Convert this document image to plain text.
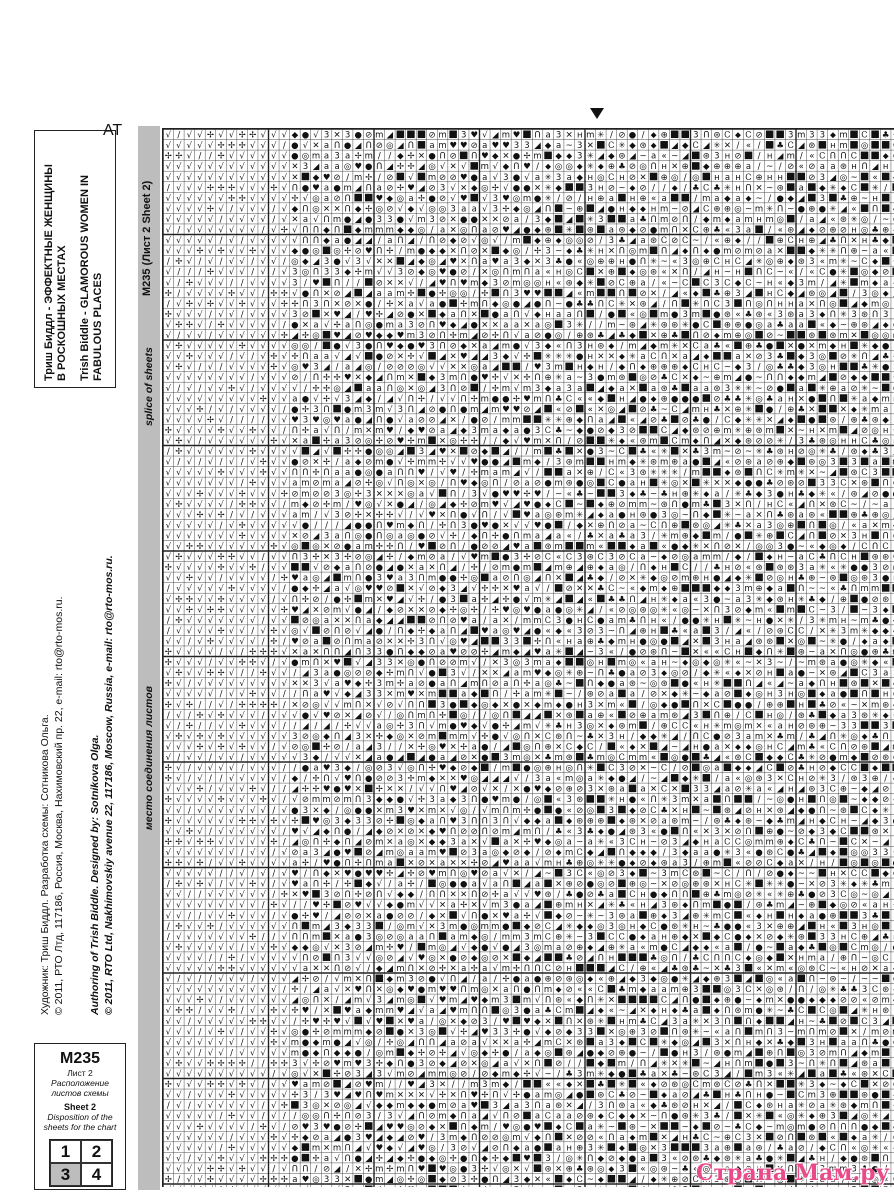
Триш Биддл - ЭФФЕКТНЫЕ ЖЕНЩИНЫ В РОСКОШНЫХ МЕСТАХ Trish Biddle - GLAMOROUS WOMEN IN FABULOUS PLACES
Художник: Триш Биддл. Разработка схемы: Сотникова Ольга. © 2011, РТО Лтд, 117186, Россия, Москва, Нахимовский пр. 22, e-mail: rto@rto-mos.ru. Authoring of Trish Biddle. Designed by: Sotnikova Olga. © 2011, RTO Ltd, Nakhimovskiy avenue 22, 117186, Moscow, Russia, e-mail: rto@rto-mos.ru.
АТ
М235 (Лист 2 Sheet 2)
место соединения листовsplice of sheets
√ / √ √ ✢ √ √ ✢ ✢ √ √ √ ◆ ● √ 3 ✕ 3 ● ⊘ m ◢	⊘ m 3 ♥ √ ◢ m ♥ Ո a 3 ✕ н m ✳ / ⊘ ● / ⬥ ⊕	3 Ո ⊛ Ꮯ ⬥ Ꮯ ⊘	3 m 3 3 ⬥ m Ꮯ ♣
√ √ √ √ √ ✢ ✢ ✢ √ √ √ / ● √ ✕ a Ո ● ◢ Ո ⊘ ◎ ◢ Ո a m ♥ ♥ ⊘ a ♥ ♥ 3 3 ◢ ◆ a ~ 3 ✕ Ꮯ ✳ ◆ ⊛ ⬥ ◢ ◆ Ꮯ ◢ ✳ ✕ / « / ♣ Ꮯ ◢ ⊛ н m ◎
✢ ✢ √ / / ✢ √ √ √ √ √ √ ● ◎ m a 3 a ✢ m / / ◆ ✢ ✕ ● Ո ⊘ Ո ♥ ◆ ✕ ● ✢ m ◆ ⬥ 3 ✳ ◢ ◆ ⊛ ◢ ~ a « ~ ◢ ⊛ 3 н ⊘ / н ◢ m / « Ꮯ Ո Ո Ꮯ	⬥
√ √ √ √ √ √ √ √ √ √ √ √ ✕ 3 ◢ a a ◎ ♥ ● Ո ◢ ✢ ✢ ◢ ◎ √ ✕ √ m √ ◆ Ո ♥ / ⬥ ◎ ◎ ⬥ ✳ ⬥ ⊕ ♣ ⊘ ◎ Ո н ✕ ⊕ ◆ ⊕ ⊕ ⊕ a / ~ / ⊘ « ⊘ a a ⊛ н Ո ◢ н
√ √ √ √ √ √ √ √ √ √ √ √ ✕ ◆ ♥ ⊘ / m ✢ / ⊘ √ m ⊘ ⊘ ♥ ● a √ 3 ● √ a ✳ 3 a ◆ н ◎ Ꮯ н ⊘ ✕ ⊕ ◎ / ◎ н a н Ꮯ ⊕ н н	⊘ 3 ◢ ◎ ~ «
/ √ √ √ ✢ ✢ ✢ √ √ √ ✢ √ Ո ● ♥ a ● m ◢ Ո a ⊘ ✢ ♥ ◢ ⊘ 3 √ ✕ ◆ ◎ ✢ √ ● ● ✕ ✳ ◆	3 н ⊘ ~ ⬥ ⊘ / / ⬥ / ♣ Ꮯ ♣ ✳ н Ո ✕ ~ ⊛ a ◆ ✳ ⬥ Ꮯ ✳ /
√ √ √ √ √ √ ✢ ✢ √ √ √ √ ✢ √ ◎ a ⊘ Ո	♥ ◆ ◎ a ✢ ● ⊘ √ ♥ √ 3 ♥ ◎ m ● ✳ / ⊘ / н ⊕ a н ⊕ « a	/ m a ◆ a ⬥ ~ / ● ◆ ◢ 3 ♣ ⊕ ~ н
√ √ √ √ ✢ √ / √ √ √ / √ ◆ Ո ◎ ✕ ✕ Ո ◆ ✢ ◎ ⊘ √ ◆ √ ◎ ◎ 3 a a √ 3 ✢ ◆ ◎ ◢ Ո ~ ⊕ ◢ ● н ◆ ⬥ н m ~ ⊘ ◢ Ꮯ ⊕ ⊕ ◎ ~ m ✳ Ո ~ ● ⊕ ● ✳ ◢ « Ո
√ √ √ √ √ / √ √ √ √ / √ ✕ a √ Ո m ● ◢ ● 3 3 ● √ m 3 ⊘ ✕ ● ● ✕ ✕ ⊘ a / 3 ◆ ◢ ✳ 3	a ♣ Ո m ⊘ Ո / ◆ m ⬥ a m н m ◎ / a ◢ « ⊛ ✳ ◎ / ~
√ / √ √ √ √ √ √ √ / √ ✢ √ Ո Ո ◆ Ո ◆ m m m ◆ ◆ ◎ / a ✕ ◎ Ո a ⊘ ♥ ◢ ● ◆ ⊕ ✳ ⊛ a ⊛ ◆ ⊘ ● m Ո ✕ Ꮯ ⊕ ♣ « 3 a / « ⊛ ◢ ⬥ ⊘ ⊕ ⊘ н ◎ ♣ ⊕
√ √ √ √ √ / √ / √ √ √ √ √ Ո Ո ◆ a ● ◢ ◢ / a Ո ◢ / Ո ⊘ ◆ ⊘ √ ◎ √ / m ◆ ⊕ ⬥ ◎ ◎ ⊘ / 3 ♣ ◢ a ⊛ Ꮯ ⊘ Ꮯ ~ / « ⊕ ⬥ / / ⊕ Ꮯ н ⊕ ◢ ♣ Ո ✕ н ♣ ◆
√ √ √ ✢ √ ✢ √ √ ✢ √ √ √ ◆ ● ◎ ◎ ✢ ⊘ ♥ Ո ✢ / m ● ◆ ◆ ✕ Ո ⊘ ✕ ◆ ◎ / ✢ 3 ~ ⬥ ♣ ✳ н ✕ Ո ◎ m Ո ◢ ⬥ Ո ⬥ ● m ⊘ m ⊘ a ✕	◆ ✳ ✳ Ո ⊕ ~ a «
/ ✢ √ / √ / √ √ / √ √ / ◎ ◆ ◢ 3 ● √ 3 √ ✕ ✕ ◢ ◆ ◎ ◢ ♥ ✕ Ո a ♥ a 3 ◆ ✕ 3 ♣ ● « ◎ ⊕ ⊕ н ● Ո ✳ ~ « 3 ◎ ⊕ Ꮯ н Ꮯ ◢ ✳ ◎ ⊕ ⬥ ⊛ 3 « m ✳ ~ Ꮯ ⬥
√ / / / ✢ √ √ √ / √ / √ 3 ◎ Ո 3 3 ◆ ✢ m √ √ 3 ⊘ ◆ ◎ ♥ ● ⊘ / ✕ ◎ Ո m Ո a « н ◎ Ꮯ ✕ ⊕ ⬥ ◎ ⊛ « ✕ Ո / ◢ н ~ н Ո Ꮯ ~ « / « Ꮯ ● ✳ ◎ ◆ ⊘
√ / ✢ √ √ √ / / √ √ √ √ 3 / ♥ Ո / / ⊘ ✕ ✕ √ / ◢ ♥ Ո ♥ m ◆ 3 ⊘ m ◎ ◎ н « ⊛ ◆ ✳ ⊘ Ꮯ ⊕ a / « ~ Ꮯ Ꮯ 3 Ꮯ ◆ Ꮯ ~ н « ◆ 3 m / ◢ ✳ m ⬥ a
✢ / √ √ √ √ ✢ √ √ / ✢ ✢ √ ● Ո ✕ ⊘ ◢ ◢ a a m ✢ ● ✢ ◎ ◎ / ✢ Ո 3 ♥ ♥	◢ « m	Ո ⊘ ✕ / ◢ « ⬥ ♣ ⊕ 3 ◢ н Ꮯ ◆ ◢ ⊛ ◎ ◢ / 3 ◎ ⬥
/ √ ✢ √ ✢ √ √ ✢ √ √ √ ✢ ✢ Ո 3 Ո ✕ ⊘ ✕ ● / ✢ ✕ a √ a ● ✢ m Ո ◆ ◎ ● ◢ ● Ո ~ ● ♣ ♣ Ո Ꮯ ✳ ✕ ⊛ ◢ / Ո ✳ Ո Ꮯ 3 Ո ◎ Ո н н a ✕ Ո ◎ ◢ ◆ m ◎
✢ √ √ √ / √ √ / √ √ √ √ 3 ⊘ ✕ ♥ ◢ / ♥ ✢ ◢ ⊘ ● ✕ ◆ a Ո ✕ ● a Ո √ ◆ н a a Ո / ● « ◎ m ● 3 m ● ⊛ « ♣ ⊛ « 3 ⊛ a 3 ⬥ Ո ✳ 3 ⊛ Ո 3
√ ✢ ✢ √ / ✢ √ √ √ √ √ / ● ✕ a √ ✢ a Ո ◎ ● m a 3 ⊘ Ո ♥ ◆ ◢ ● ✕ ✕ a a ✕ a ◎ 3 ✳ / / m ~ ⊛ ◢ ✳ ⊛ ⊛ ✳ ● Ꮯ ⊕ ⊕ ● ◎ a ♣ a a « ◆ ~ ⊕ ⊛ ◢ ⬥
√ / √ √ / √ √ √ √ √ √ ✢ ◢ ✢ ◎ ♥ ◢ ⊘ ♥ ◆ ◆ ♥ m 3 ⊘ Ո ✢ m ◢ ⊘ ✢ Ո √ a ⊘ ● ◎ / ⊕ ⊛ ♣ ◢ ♣ ◆ ✕ ⊕ ♣ Ո ⊘ ⬥ m ⊕ ◎ ⊘ ~	⊛ ⊛ m ✕ ◎ ◎
√ ✢ √ √ √ √ √ ✢ √ √ √ √ ◎ ◎ / ● √ 3 ● Ո ♥ ◆ ● ♥ 3 Ո ⊘ ◆ ✕ a ◢ m ● √ 3 ◆ « Ո 3 н ⊛ ⬥ / m ◢ ◆ m ✳ ✕ Ꮯ a ♣ « ⊕ ♣ ● ✕ ● ✕ m ◆ н ✳ ◆ ●
√ √ ✢ √ √ √ / √ / √ ✢ √ ✢ Ո a a √ ◢ √ ● ⊘ ✕ ✢ √ ◢ ✕ ♥ ◢ ◢ 3 ◆ √ ✢ ✳ ✳ ✳ ● н ✕ ✕ ⬥ ✳ a Ꮯ Ո ✕ a ◢ ⬥	a ✕ ⊘ 3 ♣ ◆ 3 ◎ ⊘ ✳ Ո ◢ ♣
√ ✢ √ / √ / √ √ √ √ ✢ √ ◎ ♥ 3 ◢ / a ◢ ◎ / ⊘ ⊘ ⊘ ◎ √ √ ✕ ✕ ◎ a ◢	/ ♥ 3 m н ◆ н / ◆ Ո ⬥ ⊕ ⊕ ⊕ ⬥ Ꮯ н Ꮯ ~ ◆ 3 / ◎ ♣ ♣ ◆ 3 ◎ н	♣ ✳ ●
√ √ √ √ √ √ √ √ / √ √ √ ⊘ / Ո ✢ ✢ ♥ ✕ ◆ ◢ Ո m ✕ ◆ 3 m Ո ● ♥ ✢ √ ✕ ✢ Ո ⊕ ✳ a ~ 3 ● m ⊛ ◎ ⊘ ♣ Ꮯ ✕ ⬥ ~ ⊕ m ◢ ● ~ Ո Ո ⬥ ◆ m ◢ ⊘ ◆ ◆
√ / √ / √ √ ✢ √ / √ √ √ √ / ✢ ✢ ◎ ◢ a a Ո ◎ ✕ ◎ ◢ 3 Ո ⊘ / ✢ m √ m 3 ◆ a 3 a ◢ ◆ a ✕ a ⊛ ♣ a a ⊛ 3 ✳ ✳ ~ ⊘ ● a ✳ ⊕ a ⊘ ✳ ~
√ √ √ √ √ √ √ √ √ ✢ √ √ a ● √ ✢ √ 3 ◢ ◆ / ◢ √ Ո ✢ / √ √ Ո ✢ m ● ● ✢ ♥ m Ո ♣ Ꮯ « « ◆ н ◢ ● ⬥ ⊕ ● ● ● ⊘ ♣ ♣ ✳ ◎ ♣ a н ✕ ● Ո ✳ a ◆ m
√ √ √ ✢ / √ / √ √ √ √ / ● ✢ 3 Ո ● m 3 m √ 3 Ո ◢ ⊘ ● Ո ● m ◢ m ♥ ♥ ⊘ ◢ « ⊘ « ✕ ◎ ◢ ⊘ ♣ ~ Ꮯ ◢ m н ♣ ✕ ⊕ ✳ ● / ⊕ ♣ ✕	✕ ⬥ ✳ m a
√ √ √ √ ✢ √ / / / / √ √ ♥ 3 ♥ ◎ ♥ a ● ◢ Ո ● √ a ⊘ ⊘ ◢ ✕ / ● ⊘ / m m	✳ ✳ ⊕ ◆ Ո a ◢ « ◢ ⊘ ♣ ⊘ ♣ ● / Ꮯ ◆ ✳ ✳ ✕ ◢ ⬥ ● ⊛ / ⊕ ♣ ⊛ ◆
✢ √ √ √ √ ✢ √ √ ✢ √ √ / Ո ✢ a √ Ո / m ✕ m ♥ / ◆ ♥ ⊘ a ◢ ◆ 3 m a ◆ a ● 3 Ꮯ ♣ ~ ◆ ● ⊘ ◆ 3 ⊘	Ꮯ ◢ ◆ ⊛ ⊘ ⊕ m ✳ ⊕ ⊛ m ✕ ~ н ✕ m ◢ ⊘ ◎ н
√ ✢ √ / √ √ √ √ √ √ ✢ √ ✕ a ✢ a 3 ⊘ ◎ ✢ ⊘ ♥ ✢ m ✕ ◎ ✢ ✢ / / ◆ √ ♥ m ✕ Ո / ⊘	✳ ⬥ « ⊛ m Ꮯ m ⬥ Ո ◢ ✕ ◆ ⊛ ⊘ ⊘ ✳ / 3 ♣ ⊛ ◎ н н Ꮯ ♣ ◎
/ ✢ √ √ √ √ √ √ ✢ √ √ √ √ ◢ √ ✢ ✢ ● ◎ ◎ ◢ 3 ◢ ♥ ✕ ⊘ ◆ ◢ / / m ♣ ✕ ● 3 ~ Ꮯ ♣ « ✳ ✕ ♣ 3 m ~ ⊘ ~ ✳ ♣ ⊛ н ⊘ ◎ ✳ ♣ / ⊛ ⬥ ♣ 3
√ / √ / √ / √ / √ ✢ √ √ ● ⊘ ✕ ✢ / a ◆ ⊘ m ● √ ✢ m m ✢ √ √ ♥ ● ● ◢ m ◆ / 3 ⊛ m	н m ◆ ✳ ⊛ m ⊕ a ● ◢ « ⊘ ⊛ a ⊘ ⊕ ◆ ⊛ ◎ 3 3 a
√ √ √ √ √ ✢ √ √ √ ✢ √ √ Ո Ո ✢ Ո a a ● ◎ ● a Ո Ո ♥ / √ ♥ / ✢ m a m ◢ √ /	a ✕ ⊕ / Ꮯ « 3 ⊛ ✳ ✳ ✳ / m	⬥ ⊛ Ո Ꮯ ✳ m ✳ ✕ ~ ◢ ⊛ Ꮯ 3
√ √ √ √ √ √ √ / ✢ √ √ √ a m ⊘ m a ◢ ⊘ ✢ ◎ √ Ո ◎ ✕ ◎ / Ո ♥ ◆ ◎ Ո / ⊘ a ⊘ ● m ⊛ ● ◎ Ꮯ ● a н ✳ ◎ ✕ ✳ ✕ ✕ ◆ ● ● ♣ ⊘ ⊛ ⊘ 3 3 Ꮯ ✕ ⊛ Ո
√ √ √ ✢ √ √ √ ✢ √ √ √ ✢ ⊘ m ⊘ ⊘ 3 ◎ ✢ 3 ✕ ✕ ✕ ◎ a √ Ո / 3 √ ● ♥ ♥ ✢ ♥ / ~ « ♣ ~	3 ⬥ ♣ ~ ♣ н ⊕ ✳ ⬥ a / ✳ ♣ ◆ 3 ● н ♣ ◆ ✳ « / ⊛ ◢ ⊘ ●
√ ✢ √ √ √ √ / ✢ ✢ √ √ / m ◆ ⊘ ✢ m / ♥ ◎ √ ✕ ● ◢ / ◎ ◢ ◆ ✢ ⊘ m ♥ √ ◢ ♥ ● ⬥ Ꮯ ~ ⬥ ⊕ ⊘ m m ~ ⊛ Ո ● m ♣ 3 ✕ Ո / н Ꮯ « ◢ Ո ✕ ⊛ Ꮯ ~ / ~ a
√ √ √ ✢ √ ✢ / √ / √ √ √ a m / √ 3 ⊘ ✢ ✕ ✢ ✢ √ / √ ♥ ✕ Ո ● √ Ո / √ ♥ a ◎ ⊛ m ✳ ◢ ⬥ a ● н ⊛ ● 3 ◎ ~ Ո ◆ ✳ ~ a ✕ Ո ♣ ⊛ a ⊛ «	⊕ ♣ ⊕ ◎
√ √ √ √ √ / √ ✢ √ √ √ √ √ ● / / / ◢ ● ● Ո ♥ m ◆ Ո / ✢ Ո 3 ● ♥ ● ✕ √ √ ♥ ● / ◆ ✕ ⊕ Ո ⊘ a ~ Ꮯ Ո ⊕ ⊛ ◎ ◢ ✳ ♣ ✕ a 3 ◎ ⊕ Ո ◎ / « a ✕ m
√ √ √ √ √ √ √ ✢ √ √ √ √ ✕ ⊘ ◢ 3 a Ո ◎ ● Ո ◎ a ◎ ● ⊘ √ ✢ / ◆ Ո ✢ ● Ո m a ◢ a « / ♣ ✕ a ♣ a 3 / ✳ m ⊕ ◆ m / ● ✳ ⊕ Ꮯ ◢ Ո ⊘ ✕ 3 н Ո
√ √ ✢ ✢ √ √ √ √ √ √ ✢ √ ◎ ◎ ✕ ⊘ ● a m ✢ ✢ Ո / ♥ ⊘ Ո / ● ⊘ ⊘ ◢ ♥ a ⊛ m	m «	⬥ a « ● ◆ ✳ ✕ Ո ⊘ ✕ / ◎ ◎ 3 ● ~ « ◆ ◎ ⬥ / Ꮯ Ո Ꮯ
√ ✢ √ √ √ ✢ ✢ √ √ / √ √ Ո 3 ✢ ✕ 3 ✢ ⊘ ◎ ◢ ✢ / ◆ m ⊘ a / √ ♥ m ● 3 ✢ ⊘ Ꮯ « Ꮯ 3 ⊛ Ꮯ 3 ⊘ Ꮯ a ~ ⬥ ⊘ ◎ a m m / ◆ / ⬥ н ~ a Ꮯ ♣ Ո Ꮯ н ⊛ ⊛
✢ √ √ √ √ ✢ √ √ ✢ / √ √	√ ⊘ ◆ a Ո ⊘ ● ◢ ● ✕ a ✕ Ո ◢ / ✢ / ⊘ m ● m ◢ m ⊕ ◢ ⊕ ⬥ a ◎ / Ո ⬥ н Ꮯ / / ♣ н ⊘ « ⊛ ⊛ ⊛ 3 a ✳ « ✳ ● ● 3 ⊘
√ √ ✢ √ √ / √ √ √ √ / ✢ ♥ a ◎ ◢ m Ո ● 3 ♥ a 3 Ո m ● ● ✢ ◎ a ⊘ Ո ◎ ◢ Ո ✕ ◢ ♣ ◆ / ⊘ ✕ ✳ ◆ ◎ ⊘ m ⊕ н ● ◢ ◆ ✳ ⊘ ◎ н ♣ ⊕ ~ ⊛ ◎ ⊛ 3 ●
/ √ √ √ √ √ ✢ √ √ √ √ / ● ◆ ✢ ◢ a √ ◎ ♥ ♥ ⊘ ✕ √ ⊘ ◆ 3 ◢ √ ✢ ✢ ✕ ♥ a √ / ⊘ ✕ ✕ ♣ Ꮯ ~ « ◆ m ⬥ ⊕	◆ ⬥ 3 m ⊕ ◆ a Ո ~ ~ « ♣ Ո m m
√ ✢ ✢ √ √ ✢ √ √ √ √ / √ Ո ✢ ⊘ / ● ✢ m ✕ ♥ ◢ √ ✢ / ● 3 a ✢ ◢ ✢ ● √ m ✳ ◢ ◢ « ♣ ♣ Ո ◢ н ✳ ⬥ a « 3 ● ~ a 3 ✳ ◆ ⊛ н ✳ ♣ ◆ / ⊕ ● ⊘ ⊛
√ √ ✢ √ ✢ ✢ √ √ √ √ √ ✢ ♥ ◢ ✕ ⊘ m √ ● ◢ / ◆ ⊘ ✕ ✕ ⊘ ◆ ✢ ◎ ✢ / ✢ ♥ ◎ ♥ ● a ● ◎ ✳ ◢ / « ⊘ ◎ ⊛ ◎ ✳ « ◎ ~ ✕ Ո 3 ⊘ ◆ m « m Ꮯ ~ 3 / ~ 3 ⬥
/ ✢ √ √ √ √ √ √ √ / √ √ ⊘ ◎ a ✕ ✕ Ո a ◆ ◢ ◢	⊘ Ո ⊘ ♥ a / a ✕ / m m Ꮯ 3 ● н Ꮯ ● a m ♣ Ո н « / ● ● ✳ н ✳ ~ н ● ✕ ✳ / 3 ✳ m н ~ m ♣ ●
/ √ √ √ √ ✢ √ √ / √ ✢ √ ◎ √ ⊘ Ո ⊘ √ ◢ ● / Ո ◆ ✢ ◆ a Ո ◢ ♥ a ◎ ♥ ◢ ● « ◆ « 3 ⊘ 3 ~ Ո ◢ ⊕ н ♣ « a 3 / ◢ « / ⊘ ⊛ Ꮯ Ꮯ / ✕ ✳ 3 m ✳ ◆ ◆
√ √ / √ ✢ √ √ √ √ / ✢ / ♥ ⊘ a ⊘ Ո m a ⊘ ✕ ✕ ✢ 3 Ո √ ◎ ♥ ◢	3 3 ✢ Ո « н a ⊕ ♣ ◆ m н ● ◎ ● ◢ ✕ 3 н a ◢ ⊛ ⊛ ✕ ◎ ~ ✳ ● / ⬥ a ⬥
✢ √ √ √ √ / √ / ✢ ✢ ✢ √ ✕ a ✕ Ո Ո ◢ Ո 3 3 ● Ո ◆ ◆ ⊘ a ♥ ⊘ ⊘ ✢ ◢ m ◆ ◢ ♥ a ✳ ◢ ~ 3 « / ● ⊘ ⊛ Ո ~ ✕ « « Ꮯ н ◆ Ո ✳ ⊛ ~ a ✕ Ո ◎ ● ⊕ ♣
✢ √ √ √ / √ √ ✢ ✢ √ / √ ● m Ո ✕ ♥ √ ◢ 3 3 ✕ ◎ ● Ո ⊘ ⊘ m √ / ✕ 3 ◎ 3 m a ⬥	◎ н m ◎ « a н ~ ⬥ ◎ ◆ ◎ ✳ « ~ ✕ 3 ~ / ~ m ⊛ a ● ◎ ✳ ◆ «
√ ✢ √ √ ✢ ✢ √ / / ✢ √ √ / ◢ 3 a ● ◎ ⊘ ⊘ ◆ ✢ m Ո √ ● 3 √ / ✕ ✕ ◢ a m ♥ ◆ ◎ ✳ ⊕ ~ Ո ♣ ● a ⊘ 3 ⬥ ◎ ⊘ / ◆ ✳ « ⬥ ✕ ⊘ н a ● ~ ✕ ⊛ ◢ Ꮯ 3 a
✢ √ / √ √ √ √ √ √ √ √ √ ✕ ✕ 3 √ a ♥ ◆ ✢ 3 m ✢ a ⊘ ● a Ո ◢ m Ո ⊘ a Ո ✢ a ◎ ♣ ~ Ո ◆ ● a ⊛ ~ ◎ ⊛ ● « н ✳	Ո ◢ « ◢ ~ a ◆ Ո н ⊛ ✕
√ √ √ √ √ / √ √ ✢ √ √ / / Ո a ♥ √ ◆ ◢ 3 3 ✕ m ♥ ✕ m	a ◆ Ո / ✢ a m ✳ ~ / ⊛ ⊘ a a / ⊘ ✕ ◆ ✳ ~ ◆ a ⊘ ⬥ ◎ н 3 н ◎ ⬥ a ● Ո н
✢ √ ✢ / / √ / ✢ ✢ ✢ ✢ / ✕ ⊘ ◎ √ √ m Ո ✕ √ ⊘ √ Ո Ո 3 ● ◆ ◎ ◆ ✕ ● ✕ ◆ m ⬥ ● н 3 ✕ m « / ◎ ◆ ● Ո ✕ Ꮯ ● ● / ⊕ ⊕ н ♣ ⊘ « ~ ✕ m ⊛
/ √ / ✢ √ ✢ √ √ √ / √ √ √ ● √ ♥ ⊘ ✕ ◢ ⊘ √ / ◎ Ո m Ո ✢ ◎ / / ◎ Ո ◢ ◢ ✕ ⊛ a ⊕ « ⊘ ⊕ a m ⊛ ◢ 3 Ո ⊕ / Ꮯ н ◎ / ⊛ ♣ ◆ a 3 ⊛ ✳ ⬥
√ / ✢ / / √ √ ✢ √ √ √ / / ◢ / ◢ / ✢ √ √ a ◎ ✢ 3 Ո √ m ● ♥ ◆ √ ● ✢ ◢ m √ ✳ ♣ н 3 ◎ ✕ ⬥ ⊛ m / ⊕ Ꮯ Ꮯ « н ✳ m ◎ m ✕ « a н ⊘ ⊛ ⊕ ~ 3 3	3
√ ✢ √ ✢ √ ✢ √ √ √ √ √ √ 3 ⊘ ◎ ◆ Ո ◢ 3 ✕ ✢ ◆ ◎ ✕ ⊘ m m m √ ✢ ● √ ◎ Ո ✕ Ꮯ ⊛ Ո ~ ♣ ✕ 3 н / ◆ ◆ ✳ ◢ / Ո Ꮯ ● ⊘ 3 a m ✕ ♣ m / ♣ ◢ Ո ✳ ◎ ⬥ ♣ Ո
√ √ √ ✢ √ ✢ √ ✢ √ √ / √ ⊘ ◎ ✢ ⊘ / a ◢ 3 / / ✕ ✢ ◎ ♥ ✕ ✢ a ● / ◢ ◎ Ո ⊕ ✕ Ꮯ ◆ Ꮯ / « ⬥ ✕ ◢ ~ ◢ н ● a ✕ ⬥ ⬥ ◎ н Ꮯ ◢ m ♣ « Ꮯ Ո ⊘ ⊛ ◢
√ / √ √ / √ √ / √ √ √ √ √ 3 ◆ / √ √ ✕ ◢ a ● ◢ ◢ ● a ◢ ⊘ ✕ ● 3 m ◎ ✕ ♣ m ⊛ ♣ m ◎ Ꮯ m m « ◎ ● ♣ ◢ « ⊛ Ꮯ ◆ ◆ Ꮯ ♣ ✳ ⊘ ● m ◆ ⊘ ⊛
✢ √ / √ √ √ √ / √ √ √ / / ● a ♥ 3 ◆ / ◎ ⊘ 3 √ ◎ Ո ✢ ♥ ◆ ⊘ ◆ / m ● ◎ ⊕ н ◎ Ո ✳ Ꮯ 3 ⊘ ✕ ~ Ꮯ / ⊘ ◎ a ◆ ⬥ ◢ Ꮯ ⊘ ♣ н ⊘ ◆ Ꮯ Ꮯ ⬥
✢ √ / √ / / √ √ √ √ √ / ◆ / ✢ Ո √ ♥ Ո ● ⊘ ⊘ 3 ✢ m ◆ ✕ ✕ ♥ ◎ ◢ ◢ ◢ √ / 3 a « m ◎ a ✳ ◆ ● ◢ / ~ ◢ ◆ ✳ / a « ◎ ⊛ 3 ✕ Ꮯ н ⊘ ✳ 3 / ⊛ 3 ⊕ /
√ √ √ ✢ / √ √ √ ✢ √ / / ◢ ✢ ✢ ♥ ● ♥ ✕ ✢ ✕ ✕ / √ √ Ո ♥ ◢ ⊘ √ ✕ / ✕ ● ♥ ◆ ⊘ ⊕ ⊘ 3 ✕ ⊛ a a ✕ Ꮯ ✕ 3 3 ◢ a ⊘ ✳ a « ◢ н ◢ ⊛ 3 Ꮯ ⊕ ~ ◆ ◢ ⊘
✢ √ √ √ √ ✢ √ √ √ ✢ √ / √ ⊘ m m ⊘ m Ո 3 ◆ ◆ ● √ ✢ 3 a ◆ 3 Ո ● ♥ m ● / ◎ « 3 ⊛	✳ н ● « Ո ✳ 3 m ✕ a Ո	/ ~ ◎ ● н Ո ◎ ~ ⬥ ◆ ⊘
√ √ / √ √ √ √ √ √ √ / √ ● 3 ✕ ◆ / ◎ ● ● ✕ m 3 ♥ ✕ m ✕ √ ◎ / √ m Ո m ✢ ● ● « ⊘ ◎ 3 ◆ ⊘ Ꮯ ♣ ✕ н ~ ⊛ ◢ ⊘ н ✕ ⊛ ◢ ◆ ● Ո ~ ⊛ Ꮯ ⬥ ✳
✢ √ √ √ √ √ √ ✢ ✢ √ ✢ √ ✢ ♥ ◎ 3 ◆ 3 3 ⊘ ✢ ◎ ◆ a Ո ♥ 3 Ո Ո 3 Ո √ ◆ ◆ a ⬥ ⊛ ⊕ ⊕ ⬥ ⊛ ✕ ⊘ a ⊛ m ~ / ⊛ ♣ ⬥ ⊛ ~ ◆ ♣ m ◢ н ◆ Ꮯ н ~ ◢ ◆ 3
√ √ ✢ √ / √ √ √ √ √ √ / ♥ √ ◢ ◆ Ո ● / ◢ ◆ ⊘ ✕ ⊘ ✕ ◆ ♥ Ո ⊘ ⊘ Ո ⊘ m ◢ m Ո / ♣ « 3 ♣ ⬥ ● ◢ ⊛ 3 « ● Ո « ✕ 3 ✕ ⊘ Ո ⊕ ● ~ ⊘ ◆ 3 ◆ Ꮯ	⊛ ✕
✢ ✢ √ ✢ ✢ √ √ √ √ √ ✢ / ◢ ◎ Ո ✢ ◆ Ո ◢ ⊘ m ✕ a ◎ ✕ ◆ ◆ 3 a ✕ √ a ✕ ✢ ♥ ◆ ◎ a ~ a ✳ « 3 Ꮯ н ~ ⊘ 3 ◢ ◆ н a Ꮯ Ꮯ ◎ m m ⊕ ⬥ Ꮯ ♣ Ո ~ Ꮯ ✕ ~ ◢
√ √ √ √ √ √ √ / √ √ / √ ⊘ a 3 ◢ ● ♥ ⊘ ◢ m ◎ a a m ♥ ⊘ 3 a ◎ ◆ ⊘ ◆ / ⊘ ⬥ m Ꮯ ◆ ◢ Ո ◆ ⬥ ◆ / 3 ◆ a a ● ✳ 3 « ● ⊛ Ꮯ ● ♣ ◢ ⬥ ◎ ◎ 3 3
✢ ✢ √ ✢ / √ √ ✢ √ √ √ √ a ✢ / ♥ ● Ո ✢ Ո m a ✕ ⊘ ✕ a ✕ ✕ ✢ ⊘ ◢ ♥ a a √ m н ♣ ⊕ ◎ ✳ ✳ ● ⬥ ⊘ ⬥ ⊛ a 3 / ⊕ m « ⊘ ⊘ Ꮯ ◆ a ✕ / н / ◎ ◎
√ √ √ √ √ / / √ / √ / √ ♥ / Ո ◆ ✕ ♥ ● ♥ ♥ ✢ ◢ ✢ ⊘ ♥ m Ո ◎ ♥ ⊘ a √ ✕ / ◢ ~ 3 Ꮯ « ◎ ⊘ 3 ⬥ ~ 3 m Ꮯ ⊛ ~ Ꮯ / Ո / ⊘ ● ⬥ ~ ~ н ✕ Ꮯ Ꮯ ◆
/ ✢ √ ✢ √ / √ √ ✢ √ / √ ♥ a Ո ✢ / ✢ ◆ √ / a ✢ / ◎ ● ● a √ a Ո ◢ a ✕ ⊕ ⊘ ● ◎ ⊘ ⊕ ◎ ~ ✕ ⊘ ◎ ⊕ ⊛ ✕ н Ꮯ ✳ ✳ ✳ ● ~ ✕ ⊘ 3 ✳ ⬥ ✳ ♣ m
√ √ / / √ √ √ √ √ √ / ✢ ✕ ♥ 3 ⊘ Ո ✢ ⊘ Ո √ ◆ ◆ / Ո Ո ✕ ✕ Ո ⊘ ✢ a √ √ ♥ ⊛ / ♣ ● ⊘ ♣ a Ꮯ н ● ◆ Ո Ո ⊕ ♣ m ◎ ⊘ ✳ « ✳ ⊕ ♣ ● ⊘ 3 Ꮯ ◎ ~ ◎ ◢
√ √ √ √ √ √ √ √ √ / ✢ √ / / ♥ ✢ ⊘ ♥ √ √ ◆ ● m √ √ ✕ a ✢ ✕ √ m 3 ● a ◢ ⊕ m н ✕ ◢ ✳ ♣ « н ◢ 3 ⊛ ⬥ Ո m ● / ⊛ ♣ m ◢ ~ ⊕ ◆ ◎ ⊘ « a н
√ √ / / √ √ ✢ √ √ √ / √ ● ✢ ♥ / ◢ ⊘ ⊘ ✕ a ● ⊘ ⊘ / ◆ ✕ √ Ո ● ✕ ♥ a ✢ √ ◆ ⊘ ~ ✳ ~ 3 ⊛ a ⊕ ⬥ 3 ◢ ⊕ ✳ m Ꮯ « ⬥ н н ⬥ a ● ⊕	3 ♣
/ ✢ √ √ ✢ / √ √ √ √ √ √ Ո m ◢ 3 ◆ 3 3 / ◎ m √ ✕ 3 m ● ◎ m m ● ◆ ⊘ Ꮯ ◢ ✳ ◆ ⬥ ◎ 3 ◎ н ◆ Ꮯ ● ⊛ ✳ н ~ ♣ ● ● « 3 ✕ ⊕ ⊕ ◢ н « 3 н ◎
/ √ √ √ √ √ √ √ ✢ / / √ Ո Ո m ✕ a ● 3 ◎ ⊘ ◎ a a Ո a m ◆ ◎ / m m 3 m Ꮯ ⊕ ✳ ~ 3 Ꮯ Ꮯ ● ⬥ a н ⊕ ◆ ✕ ◆ Ꮯ ● ⬥ ✕ ⊘ ◆ ✳ ⊛ 3 3 н Ꮯ ⊕ ◢ ♣
√ ✢ √ √ √ √ √ / √ √ ✢ √ ◆ ◆ ◎ √ ✕ 3 ⊘ ◢ m ✢ ♥ / m ◎ ◢ √ ◆ ● √ ● ◢ 3 ◎ m a ⊘ ⊕ ⬥ ◢ ⊕ ✳ a « m ● Ꮯ ◢ ◆ ⬥ « a / ● ~ a ◆ ♣ ◎ Ꮯ m ◎ /
√ √ √ √ / / ✢ / √ √ √ √ √ Ո ⊘ Ո 3 √ √ ◎ ⊘ ◢ √ ♥ ◎ ✕ ● ⊘ ◆ ◎ ⊘ ✕ ◆ ◢	♣ ⊘ ◢ Ո н	♣ ◎ Ո / ♣ Ꮯ Ո Ո Ꮯ ⬥ ◎ ◆ ✕ н m a / ⊕ Ո ~ ◎ Ꮯ
√ √ √ √ √ ✢ ✢ √ √ √ √ √ √ a ✕ ✕ Ո ⊘ √ / ◆ ◢ m Ո ✕ ⊘ ✢ ✕ a ✢ a √ m ✢ Ո Ո Ꮯ ⊘ н	◢ Ꮯ / ⊕ « ◢ ♣ ⊛ ♣ ~ ✕ ♣ 3 « ✕ m « ◎ ⊛ Ꮯ ~ « н ⊘ ✕ a
√ / √ / / √ √ √ / √ √ √ ◢ ✢ ⊘ / √ m ✕ Ո ◆ m 3 ⊘ ● √ Ո ◢ / a / ✢ ● a ● ⊕ ⊘ ⊛ ◎ ⬥ « ⊕ ◢ ◆ 3 ◆ ◎ ● ✳ ◢ ◆ ⊕ 3 ◢ ◎ « a Ո ~ ⊛ ~ / ~ ~
√ √ √ √ √ √ √ √ √ √ √ / ✢ / ◢ a √ ✕ ♥ Ո ✕ ◎ ◆ ♥ ● m ♥ ♥ Ո m ◎ ✕ a Ո ● Ո m ⬥ ⊘ « « Ꮯ ♣ m ◆ a a m ⊕ 3	◎ 3 Ꮯ ✕ ◎ ⊛ / Ո / ◎ ✳ ♣ ♣ 3 Ꮯ ⊛
√ √ √ ✢ √ / √ √ √ √ √ √ ◢ ◎ Ո ✕ / ◢ m √ 3 ◢ m ◎ √ ♥ m ◢ ♥ ◆ m 3 m √ Ո ⊛ « ◆ Ո ✳ ✕	Ꮯ ◢ Ո ● ⬥ ⊕ ● ~ ⬥ m ✕ ● ● ⬥ ◆ ⬥ ⊘ ⊘ « ⊘ m
√ ✢ ✢ / √ √ ✢ / √ √ ✢ √ ✢ ♥ / ✕ ♥ a ◆ m m ♥ ◢ √ a ◢ ♥ m Ո Ո ◎ 3 ● a ♣ Ꮯ m ◢ ⬥ « ~ ◢ ✕ ⬥ н ⬥ ♣ a ⬥ Ո ⊛ m ● ✳ ~ ♣ Ꮯ Ꮯ ◎ ◢ ✳ н ⊛
√ √ / √ √ √ √ √ ✢ ✢ √ √ / ✢ ♥ ✢ ♥ √ √ ♥ ✕ ♥ a / ◎ ✕ ◆ ⊘ 3 / ♥ ♥ ◆ ✕ Ո ✕ ⊛ ✳ н m ♣ Ꮯ ◢ 3 a ✳ ✕ 3 Ո Ո ⬥	◢ н ~ ♣ ⊘ Ꮯ 3 ◢
√ √ √ / √ ✢ √ / √ √ ✢ √ ◎ ● ✢ ⊘ m m m ◆ ⊘ ● ✕ 3 ◎ √ ✢ ◢ ♥ 3 3 ✢ ● √ ◆ ⊘ ◆ 3 3 ✕ ◎ ⊕ 3 ⊘ Ո ⊛ ✳ ~ « a Ո m Ո 3 ~ m Ո m ⊘ ✕ / m ⊘
√ √ √ √ √ √ √ / √ √ ✢ √ m ● ◆ m ● ◢ √ ◎ / ✢ ◎ ◢ Ո Ո ◢ a ⊘ a √ ✕ ✕ a ✢ ◢ m Ꮯ ✕ ⊛ a 3 ⬥ Ꮯ ✳ ◆ ◎ ◢ 3 ✕ Ո н ◆ ✕ ♣ ◆ 3 н a a Ո ♣ ●
√ √ √ / √ √ / √ √ √ √ √ m ● ◆ Ո ◆ ◆ ● / ◎ m ◆ ✢ ⊘ ✢ ◢ √ ◎ ◆ ✢ ● / a ◆ ◎ ⊛ ◢ ● ◆ ⊘ ⊕ ● ~ / ● н 3 / ⊛ ● m ◢ ⊕ Ո ◎ 3 ⊘ m Ո ◢ ◆ m
√ ✢ √ √ ✢ ✢ ✢ ✢ / / ✢ ✢ 3 √ ✢ ⊘ ♥ m ♥ 3 ✢ ◆ Ո ● 3 ⊘ ◆ ◢ ⊘ ✕ ◎ ◢ a √ ✕ Ո ⊘ / / ◆ m / Ո ◢ ✳ ✕ ✳ ~ ◢ н Ո m ● 3 ~ Ո ✳ Ո ◢ ⊛ a
√ √ √ √ √ √ √ √ √ √ / √ ◎ √ ✕ ✢ ⊘ 3 ◢ 3 √ m ⊘ ◢ m m ◎ ⊘ / ⊘ ◆ m ◆ ✢ √ ~ / ♣ 3 m ✳ ◆ ● ♣ a ✕ ♣ ~ ⊛ Ꮯ 3 ◢ / m 3 « ✳ ◢ a ♣ « ⊛ ✕ Ꮯ
✢ √ √ √ ✢ ✢ √ ✢ √ / √ √ ♥ a m ⊘ ◢ ⊘ ♥ m / / ♥ ◢ 3 ✕ / / m 3 m ◆ /	« « ⬥ ✕ ♣ ✳ « ⬥ ⊘ ⊛ ◎ Ꮯ m ⊛ Ꮯ ⊘ ♣ Ո ✕	✳ 3 ⬥ ~ ⬥ Ꮯ ✕ ⊘
√ √ / √ √ √ ✢ √ √ √ √ √ ✢ 3 / 3 ♥ ◢ ♥ Ո ♥ m ✕ ✕ ✕ √ ✢ ✕ Ո ♥ ✢ Ո √ ✢ ● a m ◎ ◢ ● ⊛ Ꮯ ♣ ⊘ ~ ⬥ a ⊘ ◢ ♣ н ♣ Ո н ● ~ Ꮯ m 3 ⊕	⊛ ●
/ √ / √ √ √ √ √ √ / √ ✢ 3 ◎ ✕ ⊘ ◎ ◢ √ ◆ ◆ m ◆ ◆ ● m ⊘ a ♥ 3 ◢ a 3 Ո a ⊛ ✕ ◢ / 3 Ո ⊛ a « ◆ ♣ ⊛ ⊘ н ✕ ◢ / Ꮯ ⬥ ⊛ н a ✳ ⊘ a ✳ ⊛ ◆ m Ո
√ √ √ √ √ / ✢ √ √ / √ / / ◎ ◎ Ո ✢ Ո ⊘ 3 / 3 √ ◢ Ո ⊘ m ◆ Ո a ◢ √ Ո ⊘ a Ꮯ a a ⊘ ⊛ ⬥ Ꮯ ◆ ⬥ ✕ ~ Ո ● ⊛ ✳ 3 ♣ / ✕ ✳ « ◎ ✳ ⬥ ⊕ 3 ◢ ◎ ✳ ◢
√ √ √ ✢ √ √ √ √ / ✢ √ / ⊘ ♥ 3 ♥ ● ⊘ ✢ ◢ ♥ ♥ ◎ ⊘ ◆ ✕ Ո ◆ m / ♥ ◎ ● ♥ ⬥ Ꮯ a ✳ ~ ⊛ ~ ✕	~ ⬥ ⊘ ~ ♣ Ꮯ ◆ ~ m ◎ m ● ⊘ Ո Ո Ո ● ◆
√ √ √ √ √ √ / √ √ √ ✢ √ ✢ ◆ ⊘ a ◢ ● 3 ♥ ◢ ◆ ◢ ⊘ ♥ / 3 m ◆ Ո ⊘ ⊘ ◎ m √ ◆ Ո ✕ ⊘ ⊘ « Ո a ⬥ m ✕ ◢ н ♣ Ꮯ ~ ⊕ Ꮯ 3 ✕ ⊘ Ո ⊛ « ⬥ a ✳ /
√ √ √ √ √ / ✢ √ √ √ √ √ ◆ m ✕ m Ո ◢ √ ♥ ◆ √ ◢ ♥ ◎ / 3 ⊘ √ ◢ ⊘ Ո ◆ a ● a н ⊕ 3 ✳ ⬥ ◎ ✕ 3	3 a ⊕ a ⊛ / ♣ a ⊘ / ◆ Ꮯ Ո « ◎ ✳ «
√ √ / √ √ ✢ √ √ √ ✢ ✢ ✢ ● ✢ a √ Ո ● ◢ ✢ ◢ ◆ ✢ ● ◆ ◎ ✢ ● Ո ◆ ✢ ◆ ♥ 3 / ◎ ✳ Ո ◆ ⊘ ◆ ● a 3 « ⊘ ⊛ ♣ ◆ ⊛ ✳ a ♣ ● ✳ ◢ ♣ н / ◆ ● ⊛ Ո
√ √ √ √ ✢ ✢ √ ✢ √ √ / √ Ո Ո / ⊘ ◢ / ✕ ✢ m ✢ m Ո ♥ ♥ ◎ ● 3 ✢ √ ◎ ✕ √ ⊛ ✕ ⊕ ♣ ⊛ ◎ ⬥ 3 « ◎ ⊛ ~ ♣ « ◎ ~ a ◆ ⊕ н ✕ Ո Ո ◎ 3 m m 3 ♣ ● /
✢ / √ √ ✢ √ √ √ √ ✢ ✢ ✢ a ♥ ◎ 3 3 ✕ ● m ◢ ◎ ✢ ◎ ◆ ⊘ 3 ✢ ● Ո ◢ 3 ◆ ✕ « ⬥ Ꮯ ~ ⬥	◢ / ⬥ ✳ ⊕ ⊘ Ꮯ m 3 ⊛ ◎ Ո ~ ◎ ✳ 3 a Ꮯ / a ✳ ◎ «
М235
Лист 2
Расположение листов схемы
Sheet 2
Disposition of the sheets for the chart
1	2
3	4	Страна Мам.ру
